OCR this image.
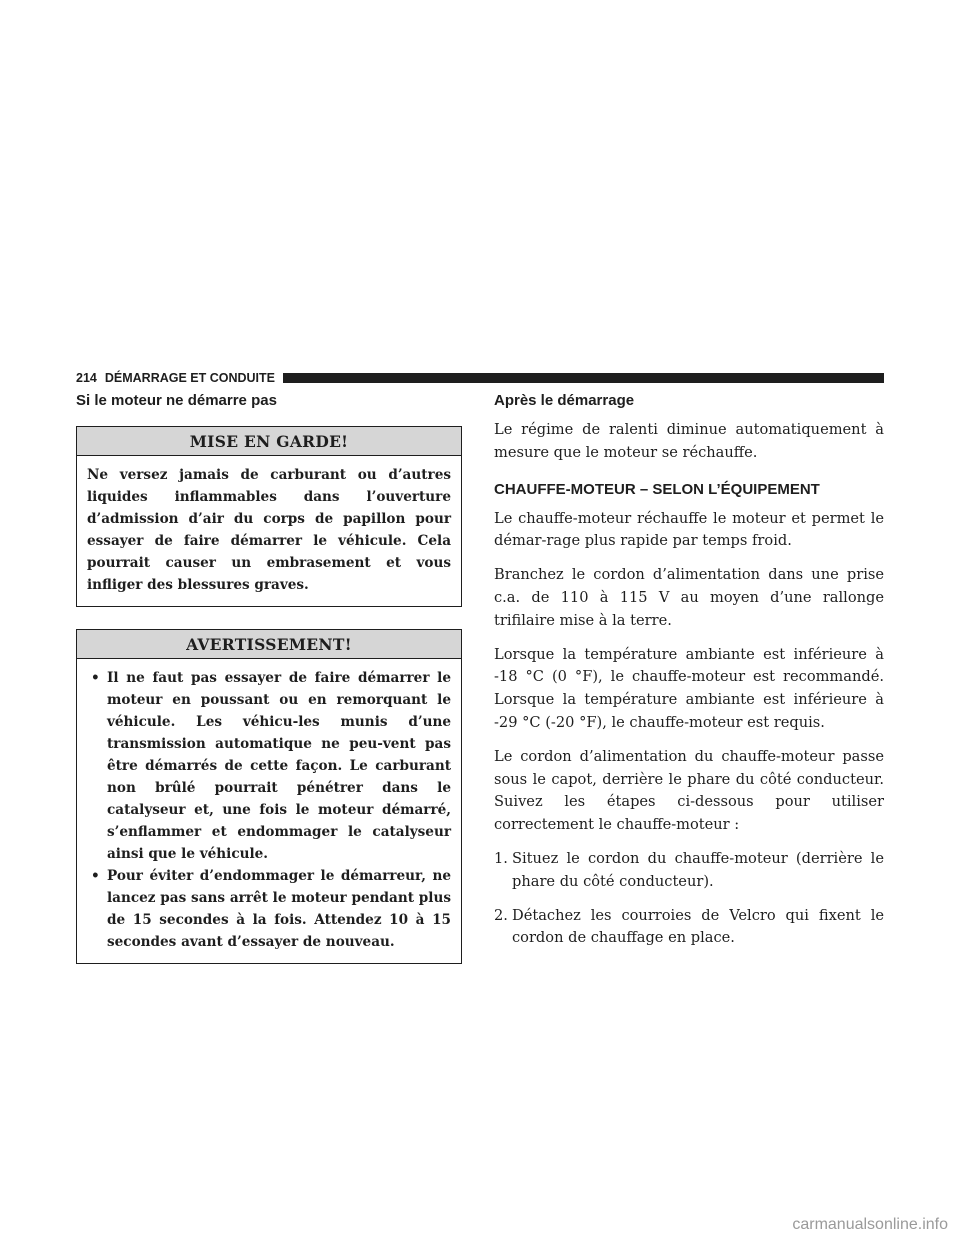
214 DÉMARRAGE ET CONDUITE
Si le moteur ne démarre pas
MISE EN GARDE!
Ne versez jamais de carburant ou d’autres liquides inflammables dans l’ouverture d’admission d’air du corps de papillon pour essayer de faire démarrer le véhicule. Cela pourrait causer un embrasement et vous infliger des blessures graves.
AVERTISSEMENT!
• Il ne faut pas essayer de faire démarrer le moteur en poussant ou en remorquant le véhicule. Les véhicu-les munis d’une transmission automatique ne peu-vent pas être démarrés de cette façon. Le carburant non brûlé pourrait pénétrer dans le catalyseur et, une fois le moteur démarré, s’enflammer et endommager le catalyseur ainsi que le véhicule.
• Pour éviter d’endommager le démarreur, ne lancez pas sans arrêt le moteur pendant plus de 15 secondes à la fois. Attendez 10 à 15 secondes avant d’essayer de nouveau.
Après le démarrage

Le régime de ralenti diminue automatiquement à mesure que le moteur se réchauffe.

CHAUFFE-MOTEUR – SELON L’ÉQUIPEMENT

Le chauffe-moteur réchauffe le moteur et permet le démar-rage plus rapide par temps froid.

Branchez le cordon d’alimentation dans une prise c.a. de 110 à 115 V au moyen d’une rallonge trifilaire mise à la terre.

Lorsque la température ambiante est inférieure à -18 °C (0 °F), le chauffe-moteur est recommandé. Lorsque la température ambiante est inférieure à -29 °C (-20 °F), le chauffe-moteur est requis.

Le cordon d’alimentation du chauffe-moteur passe sous le capot, derrière le phare du côté conducteur. Suivez les étapes ci-dessous pour utiliser correctement le chauffe-moteur :

1. Situez le cordon du chauffe-moteur (derrière le phare du côté conducteur).
2. Détachez les courroies de Velcro qui fixent le cordon de chauffage en place.
carmanualsonline.info
